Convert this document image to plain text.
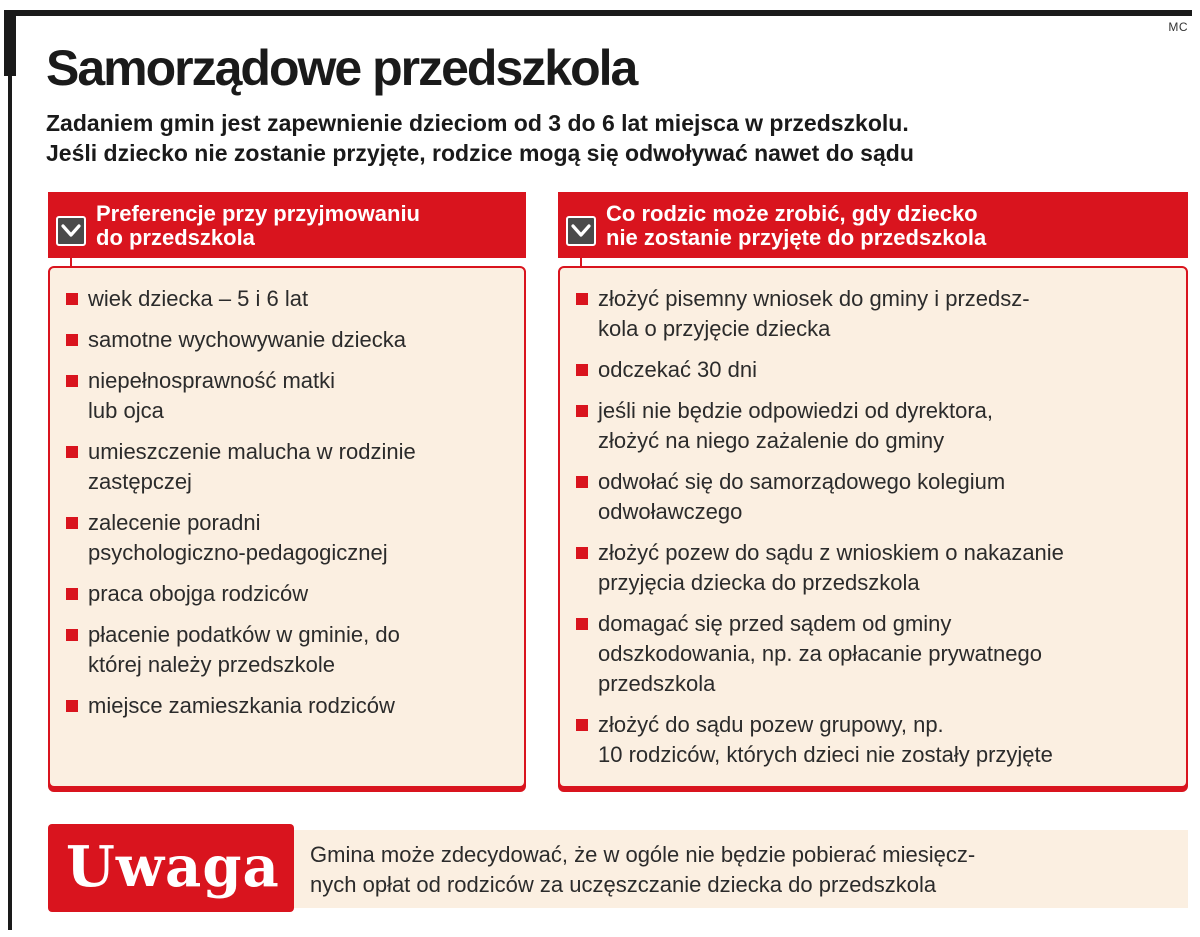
MC
Samorządowe przedszkola

Zadaniem gmin jest zapewnienie dzieciom od 3 do 6 lat miejsca w przedszkolu.
Jeśli dziecko nie zostanie przyjęte, rodzice mogą się odwoływać nawet do sądu

Preferencje przy przyjmowaniu
do przedszkola
wiek dziecka – 5 i 6 lat
samotne wychowywanie dziecka
niepełnosprawność matki
lub ojca
umieszczenie malucha w rodzinie
zastępczej
zalecenie poradni
psychologiczno-pedagogicznej
praca obojga rodziców
płacenie podatków w gminie, do
której należy przedszkole
miejsce zamieszkania rodziców
Co rodzic może zrobić, gdy dziecko
nie zostanie przyjęte do przedszkola
złożyć pisemny wniosek do gminy i przedsz-
kola o przyjęcie dziecka
odczekać 30 dni
jeśli nie będzie odpowiedzi od dyrektora,
złożyć na niego zażalenie do gminy
odwołać się do samorządowego kolegium
odwoławczego
złożyć pozew do sądu z wnioskiem o nakazanie
przyjęcia dziecka do przedszkola
domagać się przed sądem od gminy
odszkodowania, np. za opłacanie prywatnego
przedszkola
złożyć do sądu pozew grupowy, np.
10 rodziców, których dzieci nie zostały przyjęte
Gmina może zdecydować, że w ogóle nie będzie pobierać miesięcz-
nych opłat od rodziców za uczęszczanie dziecka do przedszkola
Uwaga
